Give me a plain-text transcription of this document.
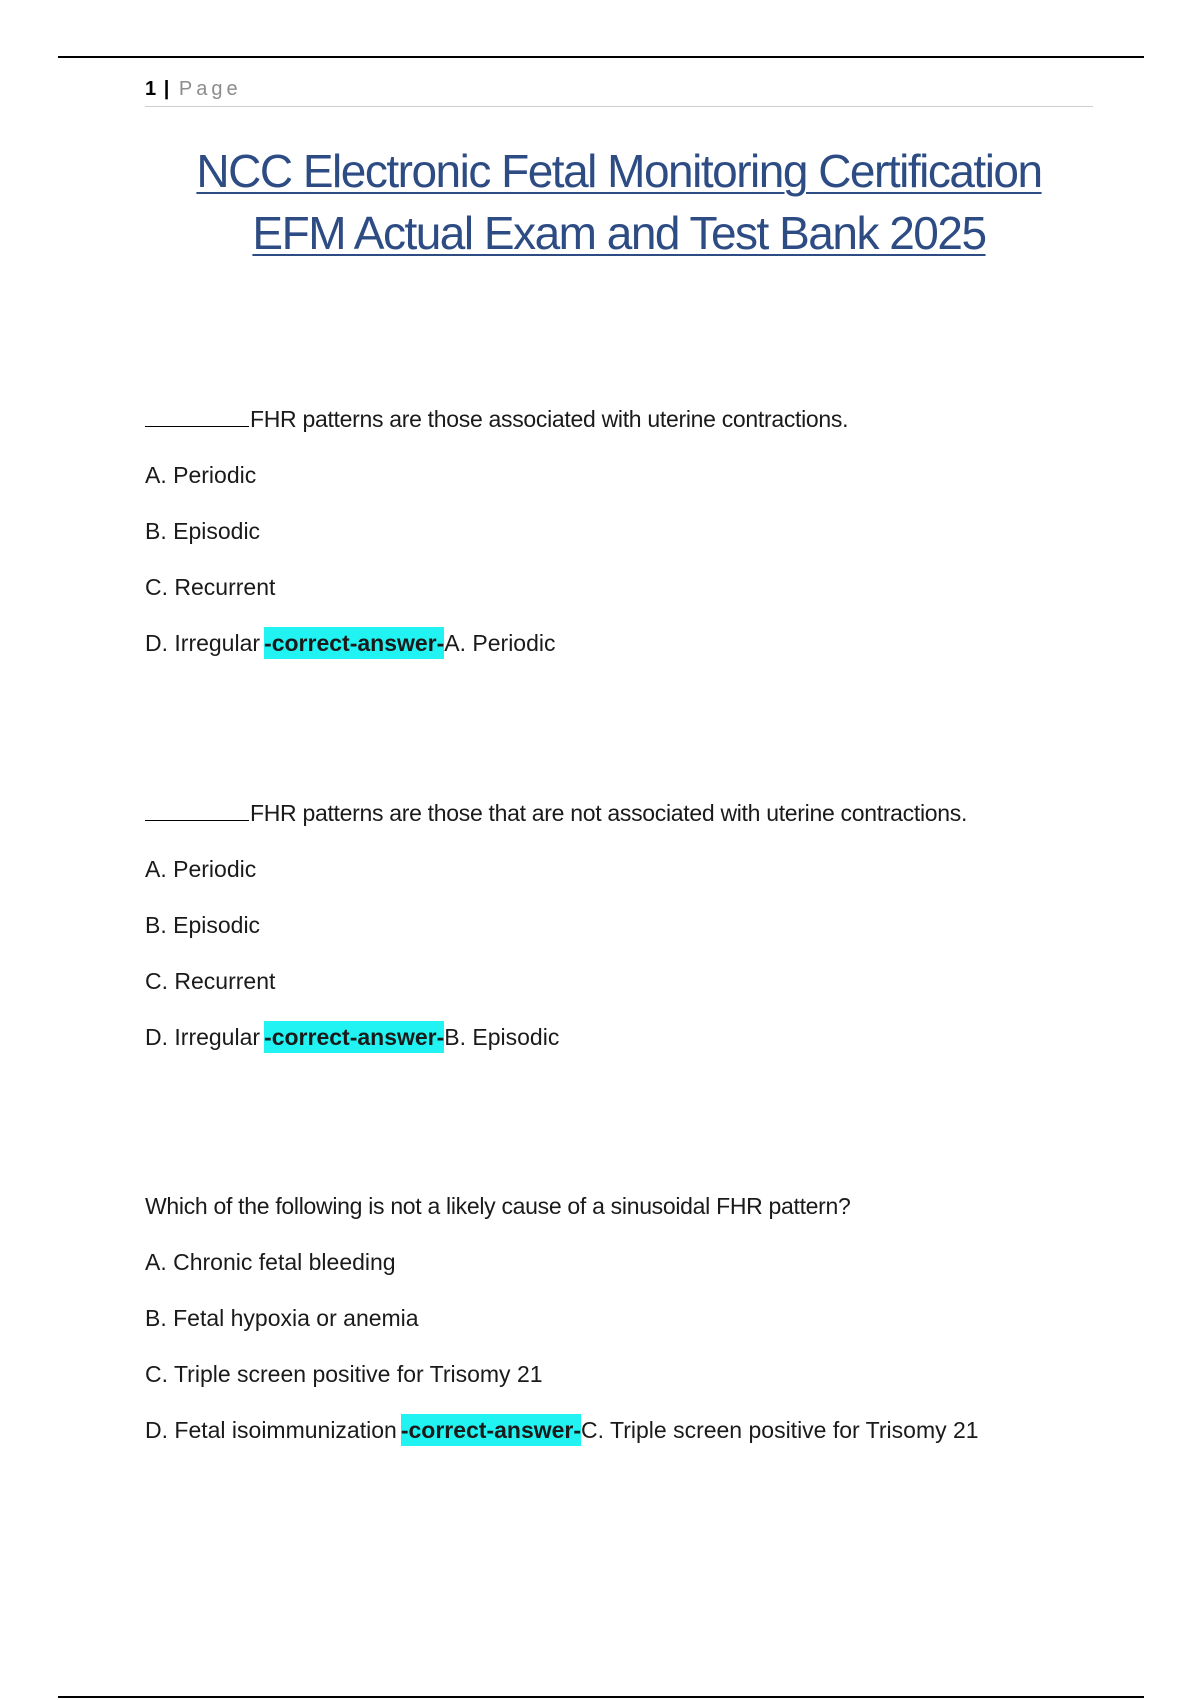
1 | Page
NCC Electronic Fetal Monitoring Certification EFM Actual Exam and Test Bank 2025
FHR patterns are those associated with uterine contractions.
A. Periodic
B. Episodic
C. Recurrent
D. Irregular -correct-answer-A. Periodic
FHR patterns are those that are not associated with uterine contractions.
A. Periodic
B. Episodic
C. Recurrent
D. Irregular -correct-answer-B. Episodic
Which of the following is not a likely cause of a sinusoidal FHR pattern?
A. Chronic fetal bleeding
B. Fetal hypoxia or anemia
C. Triple screen positive for Trisomy 21
D. Fetal isoimmunization -correct-answer-C. Triple screen positive for Trisomy 21
